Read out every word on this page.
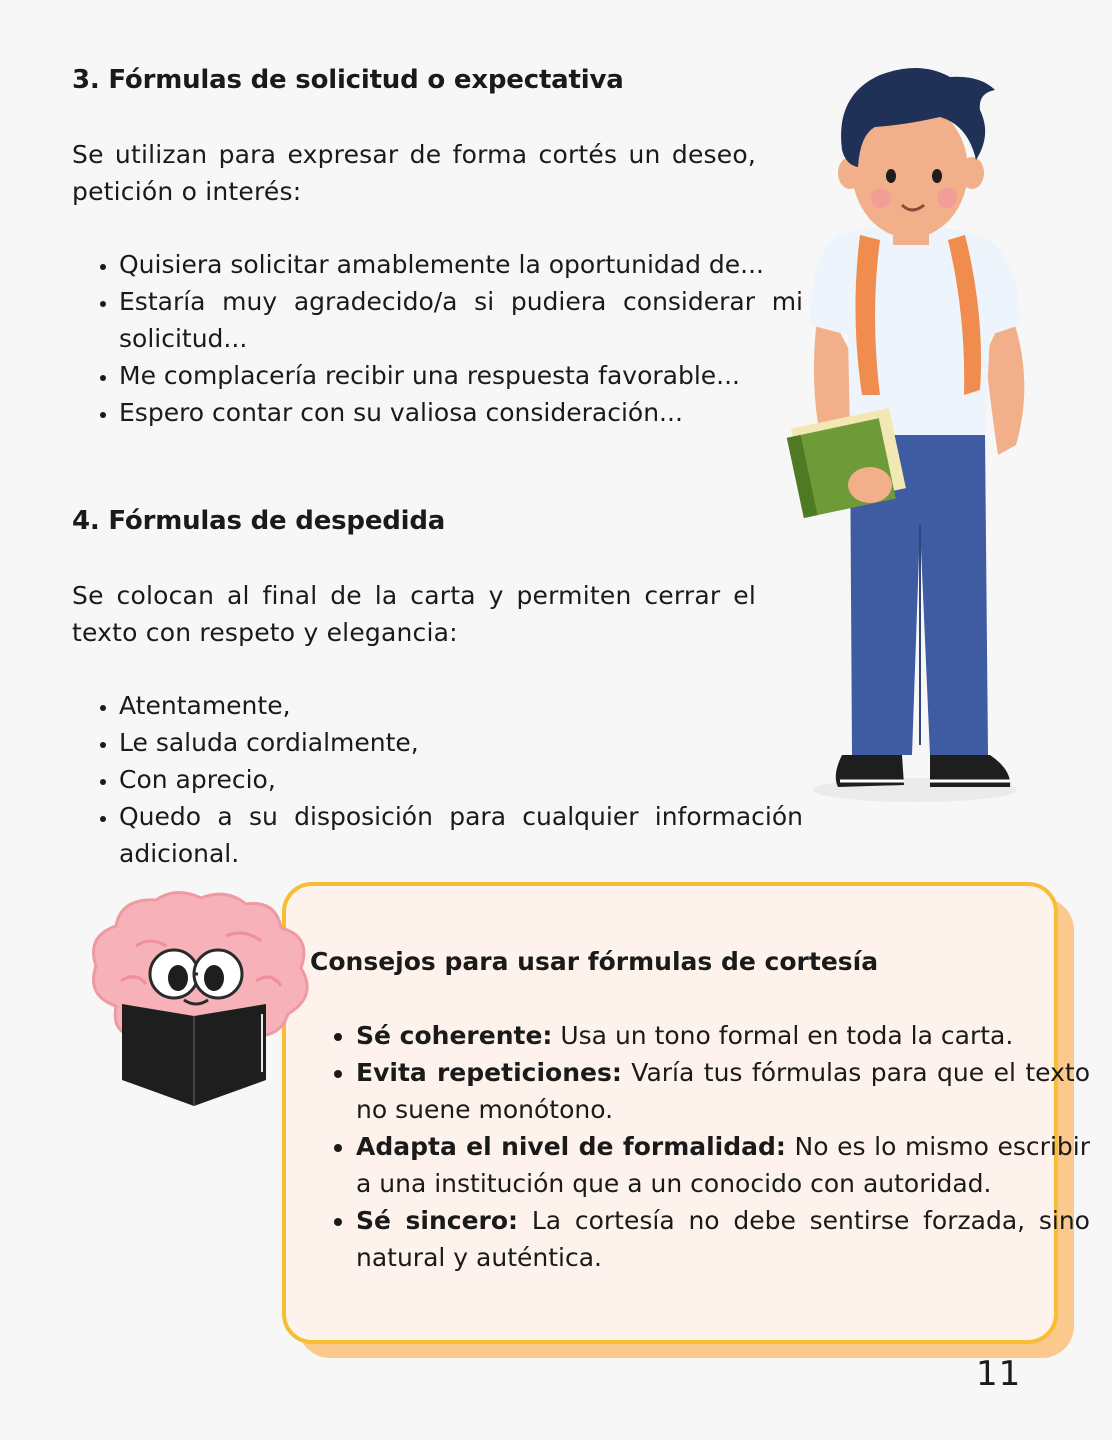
3. Fórmulas de solicitud o expectativa

Se utilizan para expresar de forma cortés un deseo, petición o interés:

• Quisiera solicitar amablemente la oportunidad de...
• Estaría muy agradecido/a si pudiera considerar mi solicitud...
• Me complacería recibir una respuesta favorable...
• Espero contar con su valiosa consideración...
4. Fórmulas de despedida

Se colocan al final de la carta y permiten cerrar el texto con respeto y elegancia:

• Atentamente,
• Le saluda cordialmente,
• Con aprecio,
• Quedo a su disposición para cualquier información adicional.
Consejos para usar fórmulas de cortesía
• Sé coherente: Usa un tono formal en toda la carta.
• Evita repeticiones: Varía tus fórmulas para que el texto no suene monótono.
• Adapta el nivel de formalidad: No es lo mismo escribir a una institución que a un conocido con autoridad.
• Sé sincero: La cortesía no debe sentirse forzada, sino natural y auténtica.
11
